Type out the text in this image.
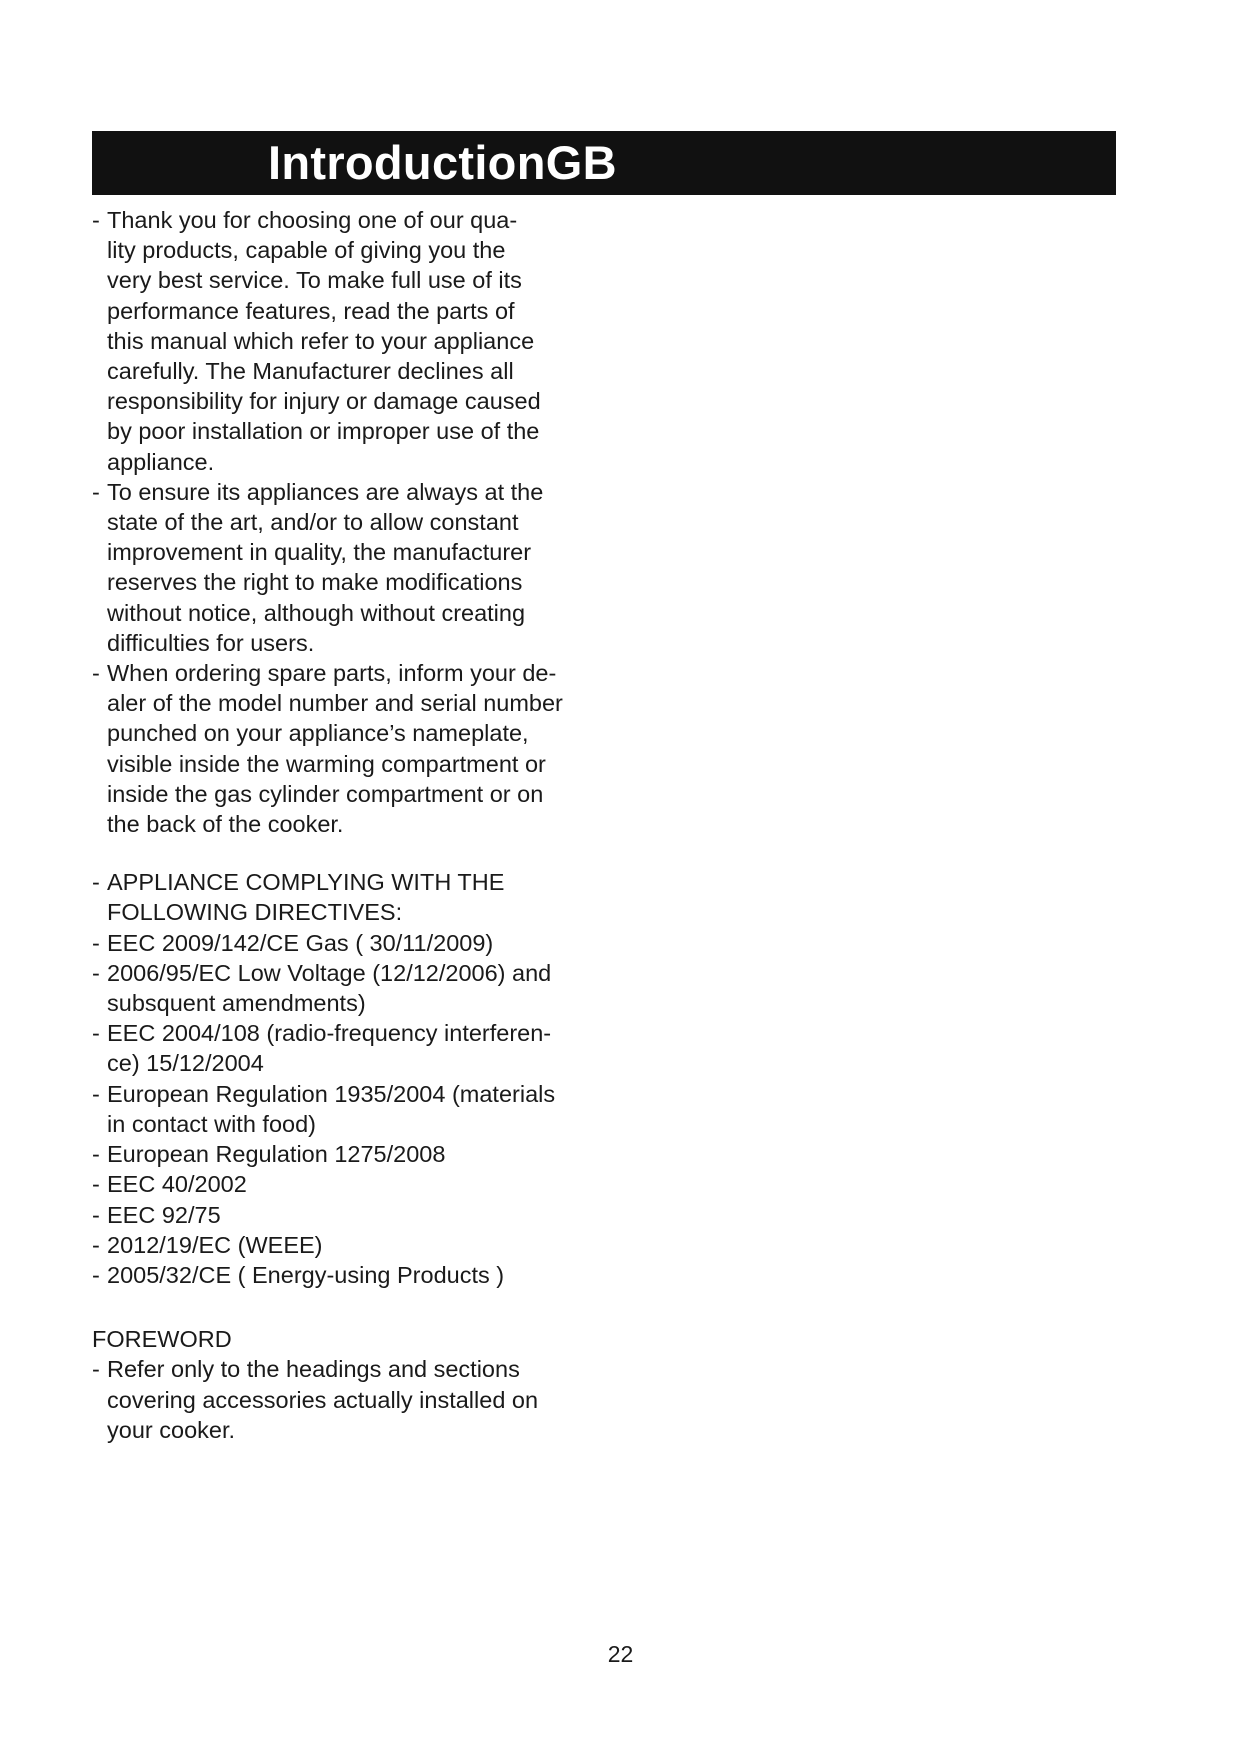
IntroductionGB
- Thank you for choosing one of our qua-
lity products, capable of giving you the
very best service. To make full use of its
performance features, read the parts of
this manual which refer to your appliance
carefully. The Manufacturer declines all
responsibility for injury or damage caused
by poor installation or improper use of the
appliance.
- To ensure its appliances are always at the
state of the art, and/or to allow constant
improvement in quality, the manufacturer
reserves the right to make modifications
without notice, although without creating
difficulties for users.
- When ordering spare parts, inform your de-
aler of the model number and serial number
punched on your appliance’s nameplate,
visible inside the warming compartment or
inside the gas cylinder compartment or on
the back of the cooker.
- APPLIANCE COMPLYING WITH THE
FOLLOWING DIRECTIVES:
- EEC 2009/142/CE Gas ( 30/11/2009)
- 2006/95/EC Low Voltage (12/12/2006) and
subsquent amendments)
- EEC 2004/108 (radio-frequency interferen-
ce) 15/12/2004
- European Regulation 1935/2004 (materials
in contact with food)
- European Regulation 1275/2008
- EEC 40/2002
- EEC 92/75
- 2012/19/EC (WEEE)
- 2005/32/CE ( Energy-using Products )
FOREWORD
- Refer only to the headings and sections
covering accessories actually installed on
your cooker.
22
